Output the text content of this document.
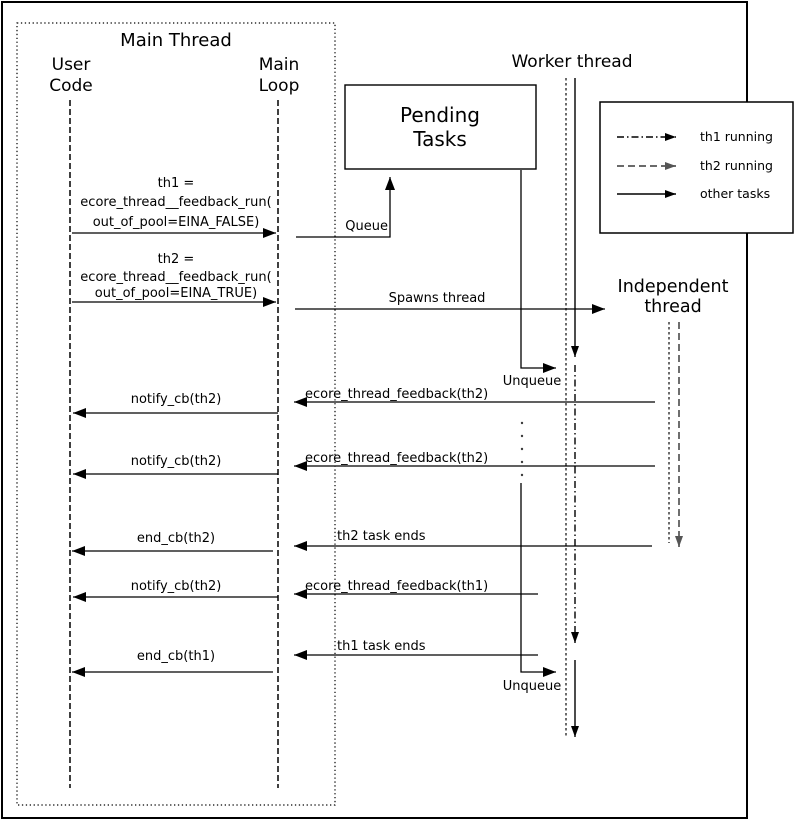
Main Thread
User
Code
Main
Loop
Worker thread
Independent
thread
Pending
Tasks
th1 =
ecore_thread__feedback_run(
out_of_pool=EINA_FALSE)	Queue
th2 =
ecore_thread__feedback_run(
out_of_pool=EINA_TRUE)	Spawns thread
Unqueue
ecore_thread_feedback(th2)
notify_cb(th2)
ecore_thread_feedback(th2)
notify_cb(th2)
th2 task ends
end_cb(th2)
ecore_thread_feedback(th1)
notify_cb(th2)
th1 task ends
end_cb(th1)
Unqueue
th1 running
th2 running
other tasks
